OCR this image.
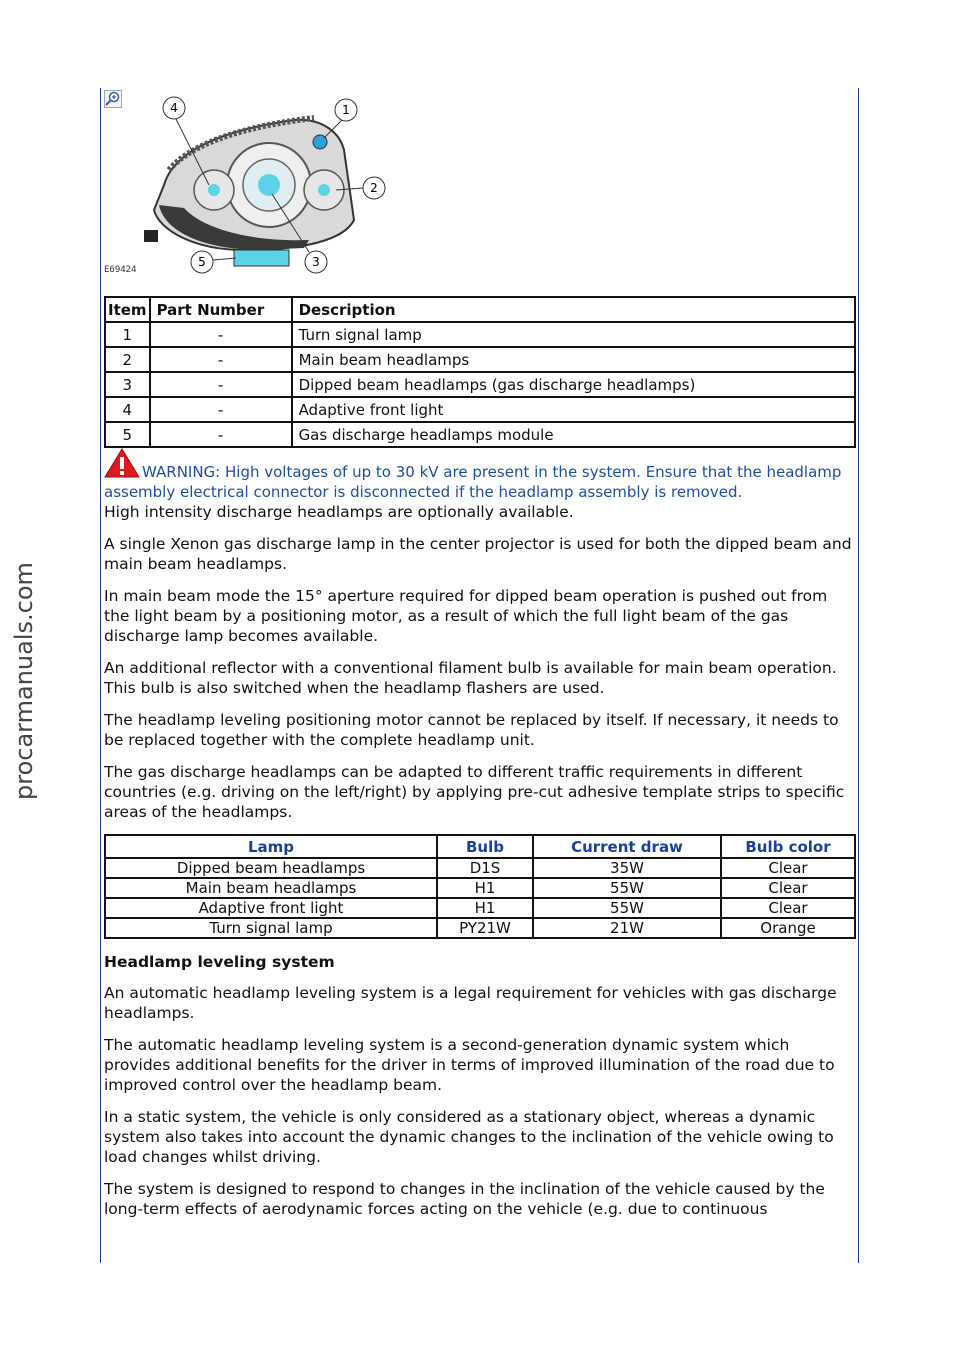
procarmanuals.com
1
2
3
4
5
E69424
Item	Part Number	Description
1	-	Turn signal lamp
2	-	Main beam headlamps
3	-	Dipped beam headlamps (gas discharge headlamps)
4	-	Adaptive front light
5	-	Gas discharge headlamps module
WARNING: High voltages of up to 30 kV are present in the system. Ensure that the headlamp assembly electrical connector is disconnected if the headlamp assembly is removed.

High intensity discharge headlamps are optionally available.

A single Xenon gas discharge lamp in the center projector is used for both the dipped beam and main beam headlamps.

In main beam mode the 15° aperture required for dipped beam operation is pushed out from the light beam by a positioning motor, as a result of which the full light beam of the gas discharge lamp becomes available.

An additional reflector with a conventional filament bulb is available for main beam operation. This bulb is also switched when the headlamp flashers are used.

The headlamp leveling positioning motor cannot be replaced by itself. If necessary, it needs to be replaced together with the complete headlamp unit.

The gas discharge headlamps can be adapted to different traffic requirements in different countries (e.g. driving on the left/right) by applying pre-cut adhesive template strips to specific areas of the headlamps.

Lamp	Bulb	Current draw	Bulb color
Dipped beam headlamps	D1S	35W	Clear
Main beam headlamps	H1	55W	Clear
Adaptive front light	H1	55W	Clear
Turn signal lamp	PY21W	21W	Orange
Headlamp leveling system

An automatic headlamp leveling system is a legal requirement for vehicles with gas discharge headlamps.

The automatic headlamp leveling system is a second-generation dynamic system which provides additional benefits for the driver in terms of improved illumination of the road due to improved control over the headlamp beam.

In a static system, the vehicle is only considered as a stationary object, whereas a dynamic system also takes into account the dynamic changes to the inclination of the vehicle owing to load changes whilst driving.

The system is designed to respond to changes in the inclination of the vehicle caused by the long-term effects of aerodynamic forces acting on the vehicle (e.g. due to continuous
